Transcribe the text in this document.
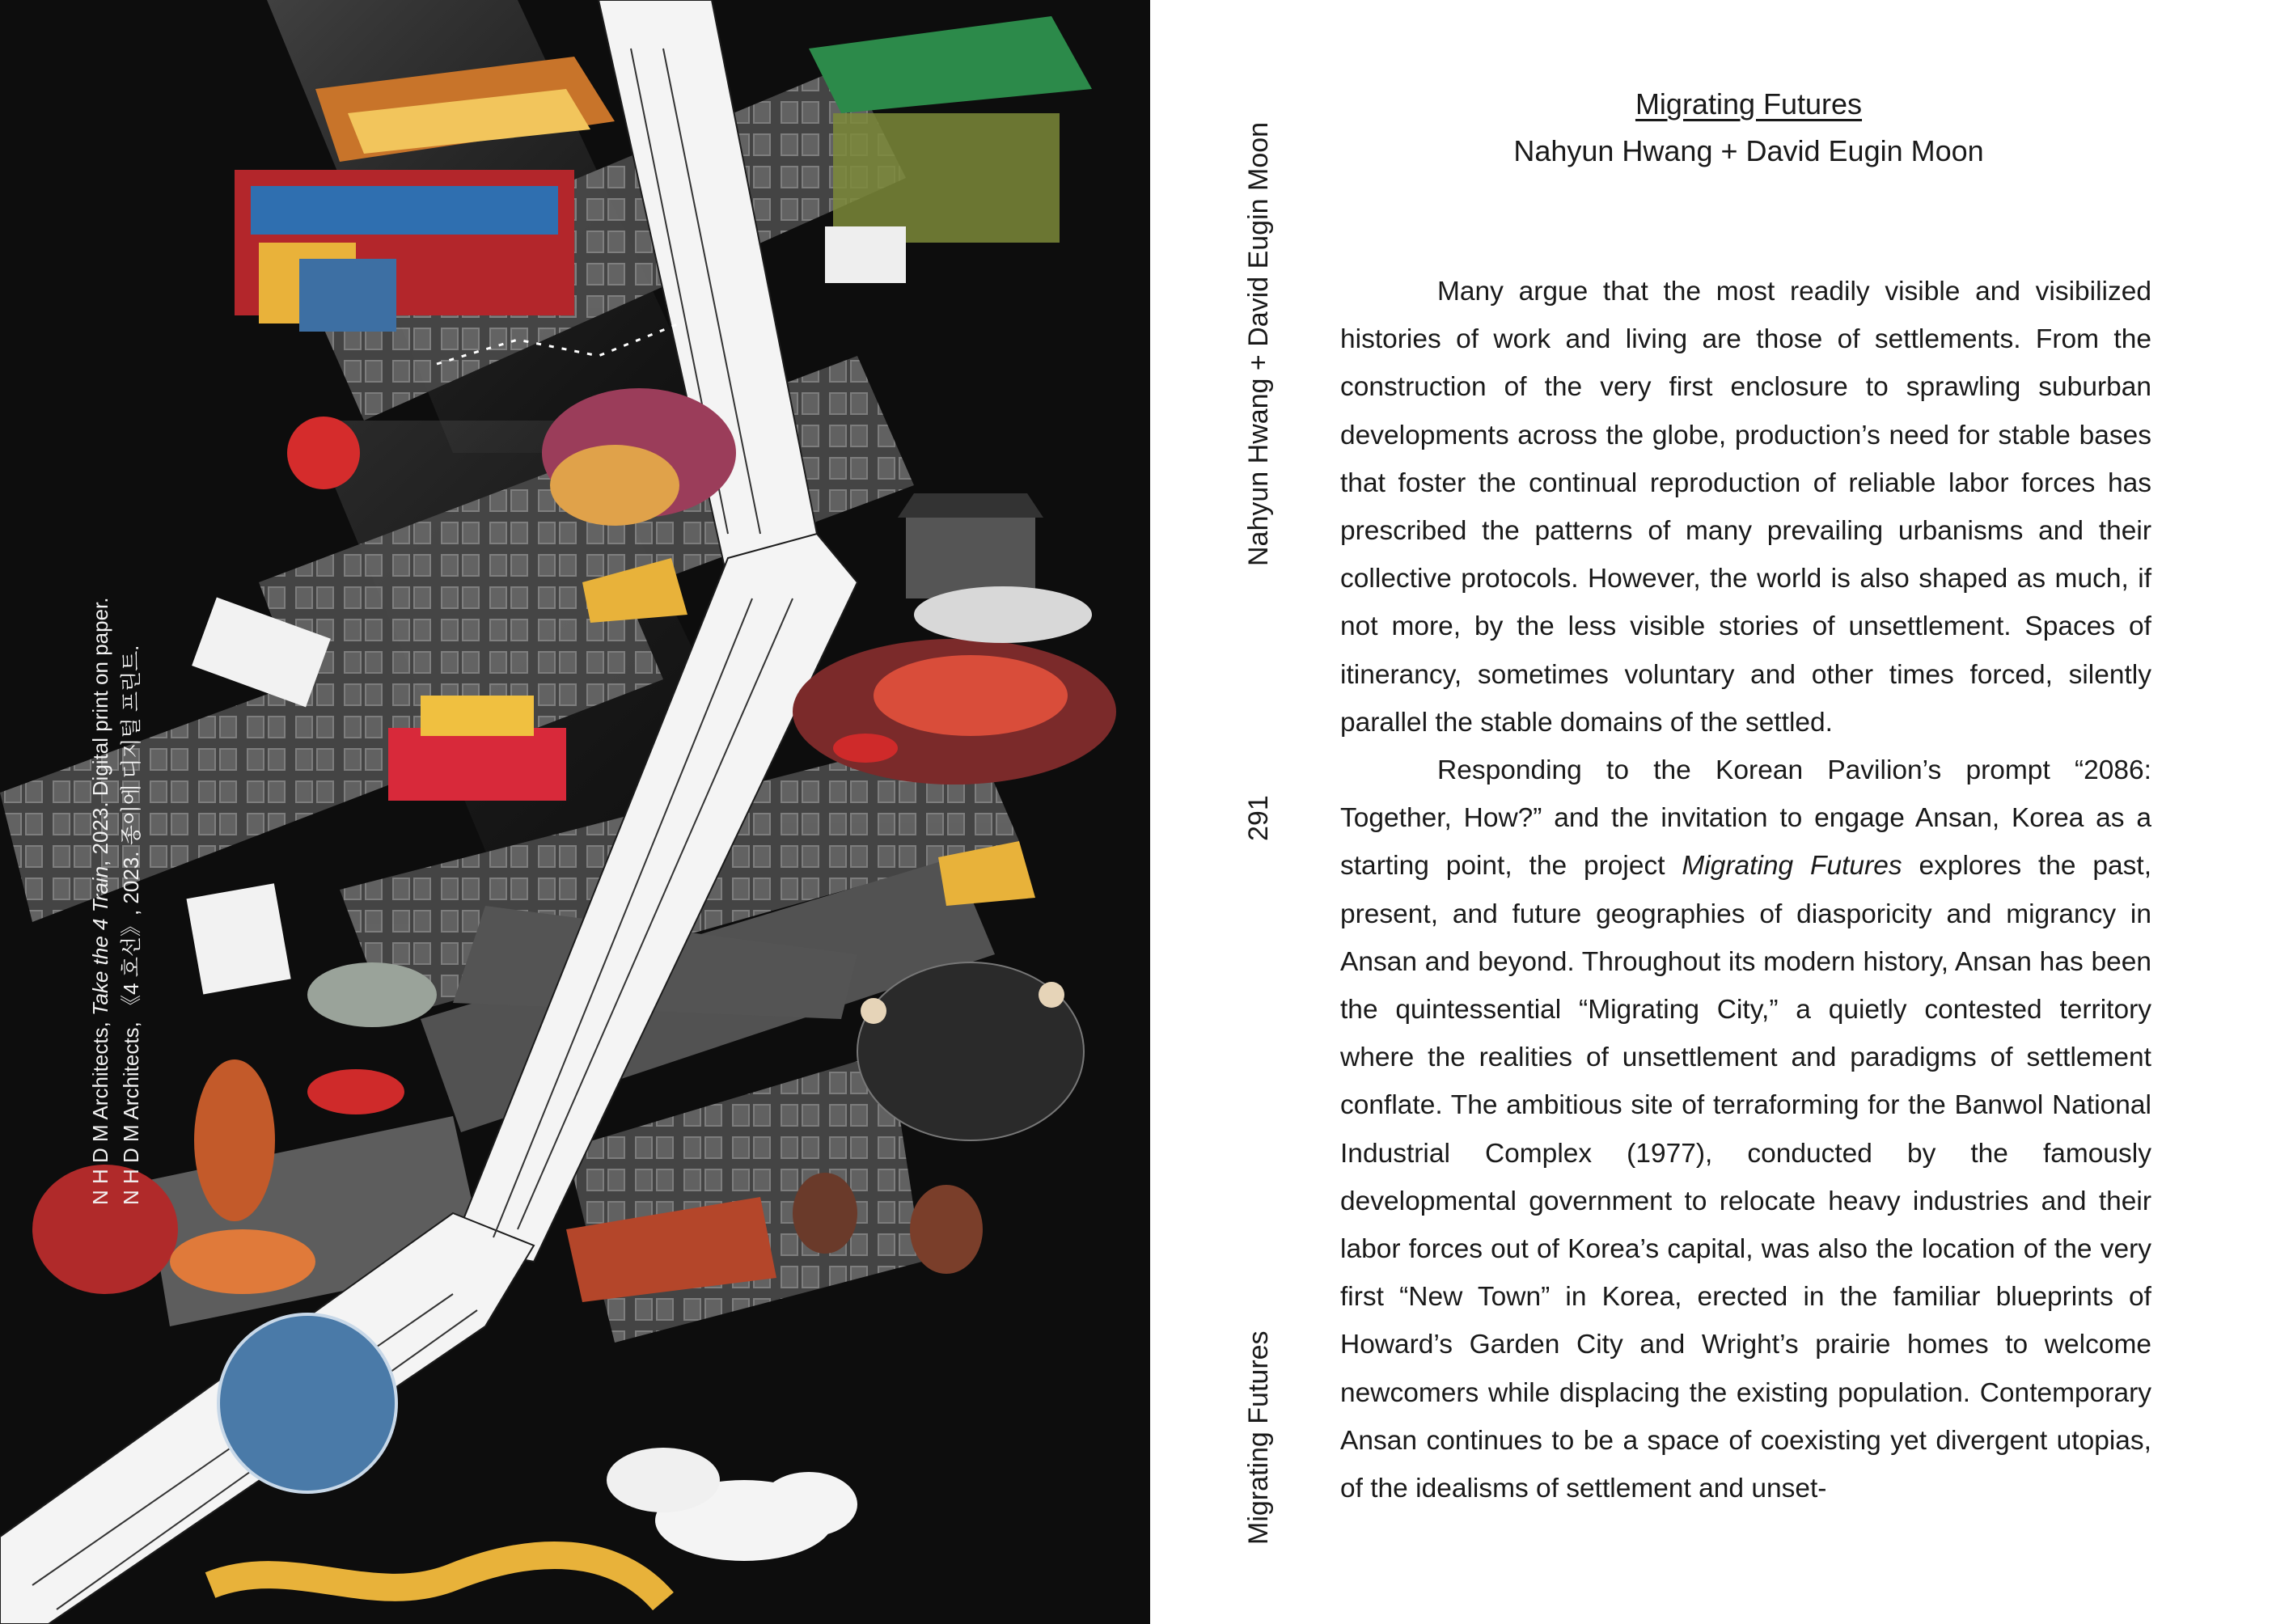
N H D M Architects, Take the 4 Train, 2023. Digital print on paper. N H D M Architects, 《4 호선》, 2023. 종이에 디지털 프린트.
Nahyun Hwang + David Eugin Moon
291
Migrating Futures
Migrating Futures
Nahyun Hwang + David Eugin Moon

Many argue that the most readily visible and visibilized histories of work and living are those of settlements. From the construction of the very first enclosure to sprawling suburban developments across the globe, production’s need for stable bases that foster the continual reproduction of reliable labor forces has prescribed the patterns of many prevailing urbanisms and their collective protocols. However, the world is also shaped as much, if not more, by the less visible stories of unsettlement. Spaces of itinerancy, sometimes voluntary and other times forced, silently parallel the stable domains of the settled.

Responding to the Korean Pavilion’s prompt “2086: Together, How?” and the invitation to engage Ansan, Korea as a starting point, the project Migrating Futures explores the past, present, and future geographies of diasporicity and migrancy in Ansan and beyond. Throughout its modern history, Ansan has been the quintessential “Migrating City,” a quietly contested territory where the realities of unsettlement and paradigms of settlement conflate. The ambitious site of terraforming for the Banwol National Industrial Complex (1977), conducted by the famously developmental government to relocate heavy industries and their labor forces out of Korea’s capital, was also the location of the very first “New Town” in Korea, erected in the familiar blueprints of Howard’s Garden City and Wright’s prairie homes to welcome newcomers while displacing the existing population. Contemporary Ansan continues to be a space of coexisting yet divergent utopias, of the idealisms of settlement and unset-
